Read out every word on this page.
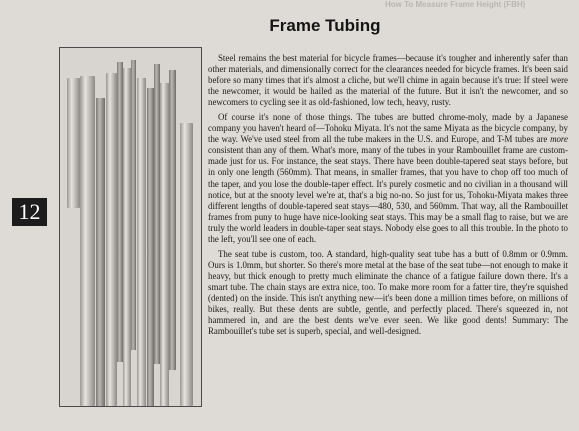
How To Measure Frame Height (FBH)
Frame Tubing
12

Steel remains the best material for bicycle frames—because it's tougher and inherently safer than other materials, and dimensionally correct for the clearances needed for bicycle frames. It's been said before so many times that it's almost a cliche, but we'll chime in again because it's true: If steel were the newcomer, it would be hailed as the material of the future. But it isn't the newcomer, and so newcomers to cycling see it as old-fashioned, low tech, heavy, rusty.

Of course it's none of those things. The tubes are butted chrome-moly, made by a Japanese company you haven't heard of—Tohoku Miyata. It's not the same Miyata as the bicycle company, by the way. We've used steel from all the tube makers in the U.S. and Europe, and T-M tubes are more consistent than any of them. What's more, many of the tubes in your Rambouillet frame are custom-made just for us. For instance, the seat stays. There have been double-tapered seat stays before, but in only one length (560mm). That means, in smaller frames, that you have to chop off too much of the taper, and you lose the double-taper effect. It's purely cosmetic and no civilian in a thousand will notice, but at the snooty level we're at, that's a big no-no. So just for us, Tohoku-Miyata makes three different lengths of double-tapered seat stays—480, 530, and 560mm. That way, all the Rambouillet frames from puny to huge have nice-looking seat stays. This may be a small flag to raise, but we are truly the world leaders in double-taper seat stays. Nobody else goes to all this trouble. In the photo to the left, you'll see one of each.

The seat tube is custom, too. A standard, high-quality seat tube has a butt of 0.8mm or 0.9mm. Ours is 1.0mm, but shorter. So there's more metal at the base of the seat tube—not enough to make it heavy, but thick enough to pretty much eliminate the chance of a fatigue failure down there. It's a smart tube. The chain stays are extra nice, too. To make more room for a fatter tire, they're squished (dented) on the inside. This isn't anything new—it's been done a million times before, on millions of bikes, really. But these dents are subtle, gentle, and perfectly placed. There's squeezed in, not hammered in, and are the best dents we've ever seen. We like good dents! Summary: The Rambouillet's tube set is superb, special, and well-designed.
